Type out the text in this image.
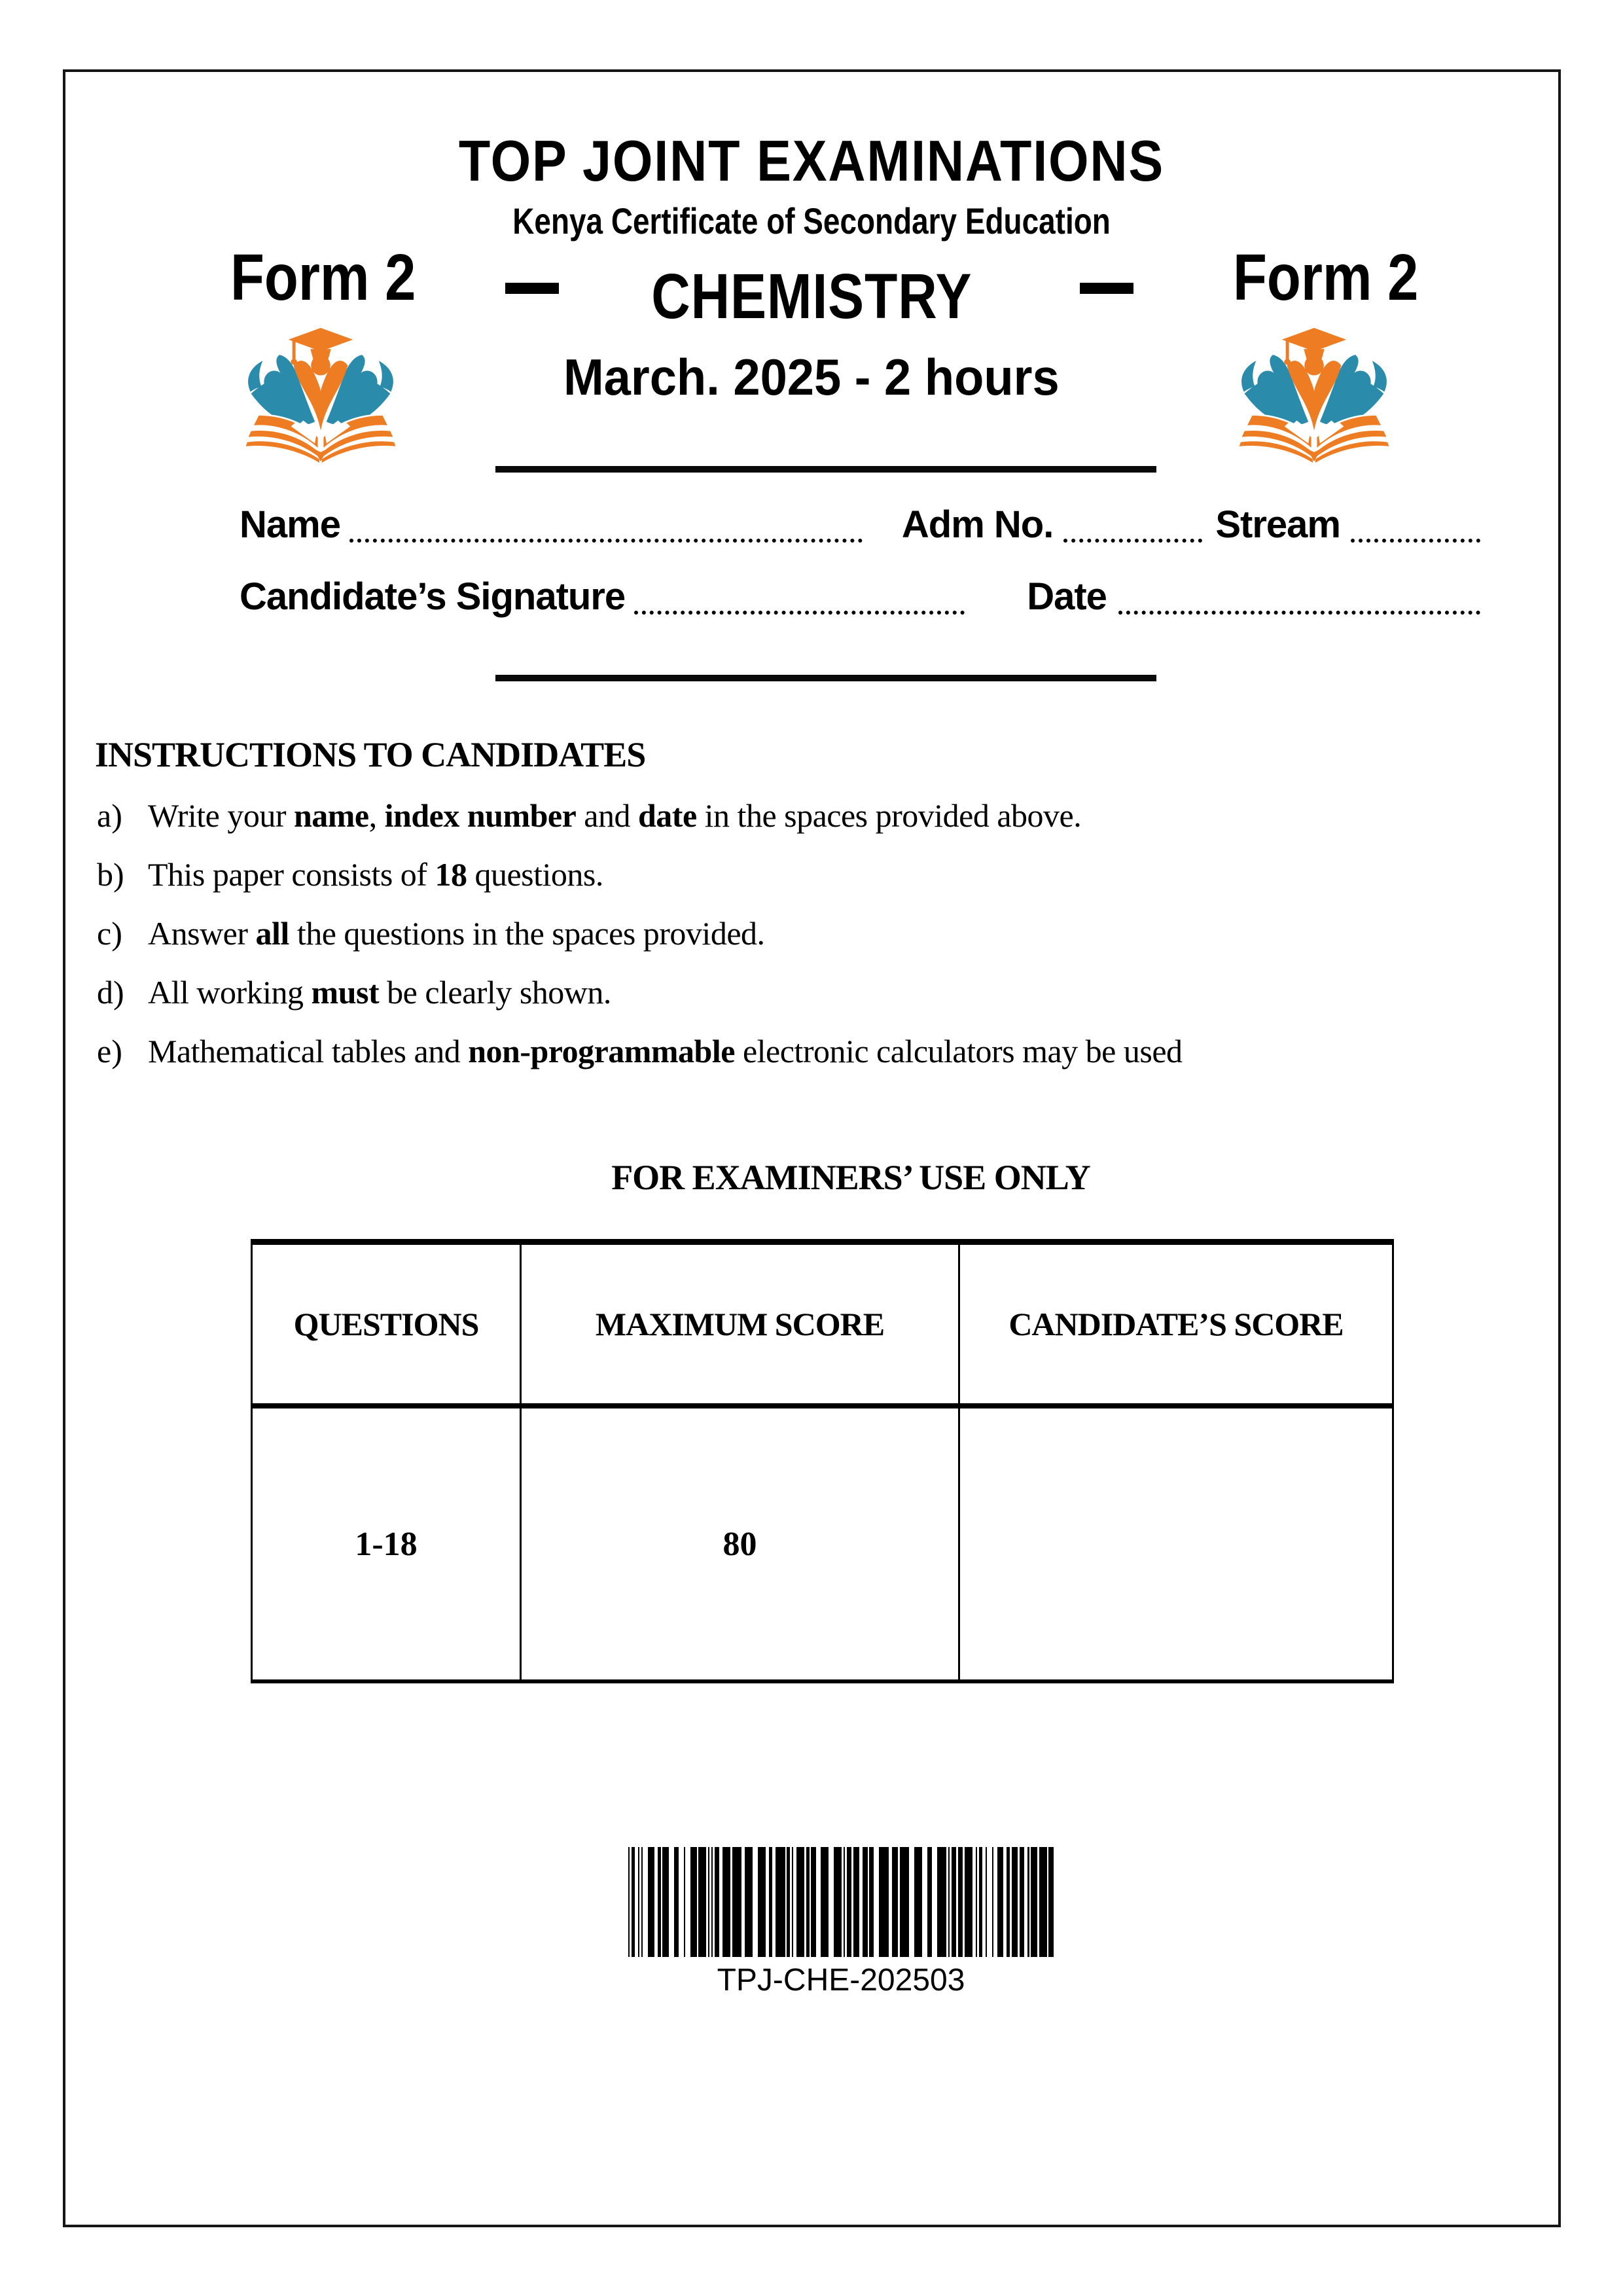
TOP JOINT EXAMINATIONS
Kenya Certificate of Secondary Education
Form 2	Form 2
CHEMISTRY
March. 2025 - 2 hours
Name	Adm No.	Stream
Candidate’s Signature	Date
INSTRUCTIONS TO CANDIDATES
a) Write your name, index number and date in the spaces provided above.
b) This paper consists of 18 questions.
c) Answer all the questions in the spaces provided.
d) All working must be clearly shown.
e) Mathematical tables and non-programmable electronic calculators may be used
FOR EXAMINERS’ USE ONLY
QUESTIONS	MAXIMUM SCORE	CANDIDATE’S SCORE
1-18	80
TPJ-CHE-202503
